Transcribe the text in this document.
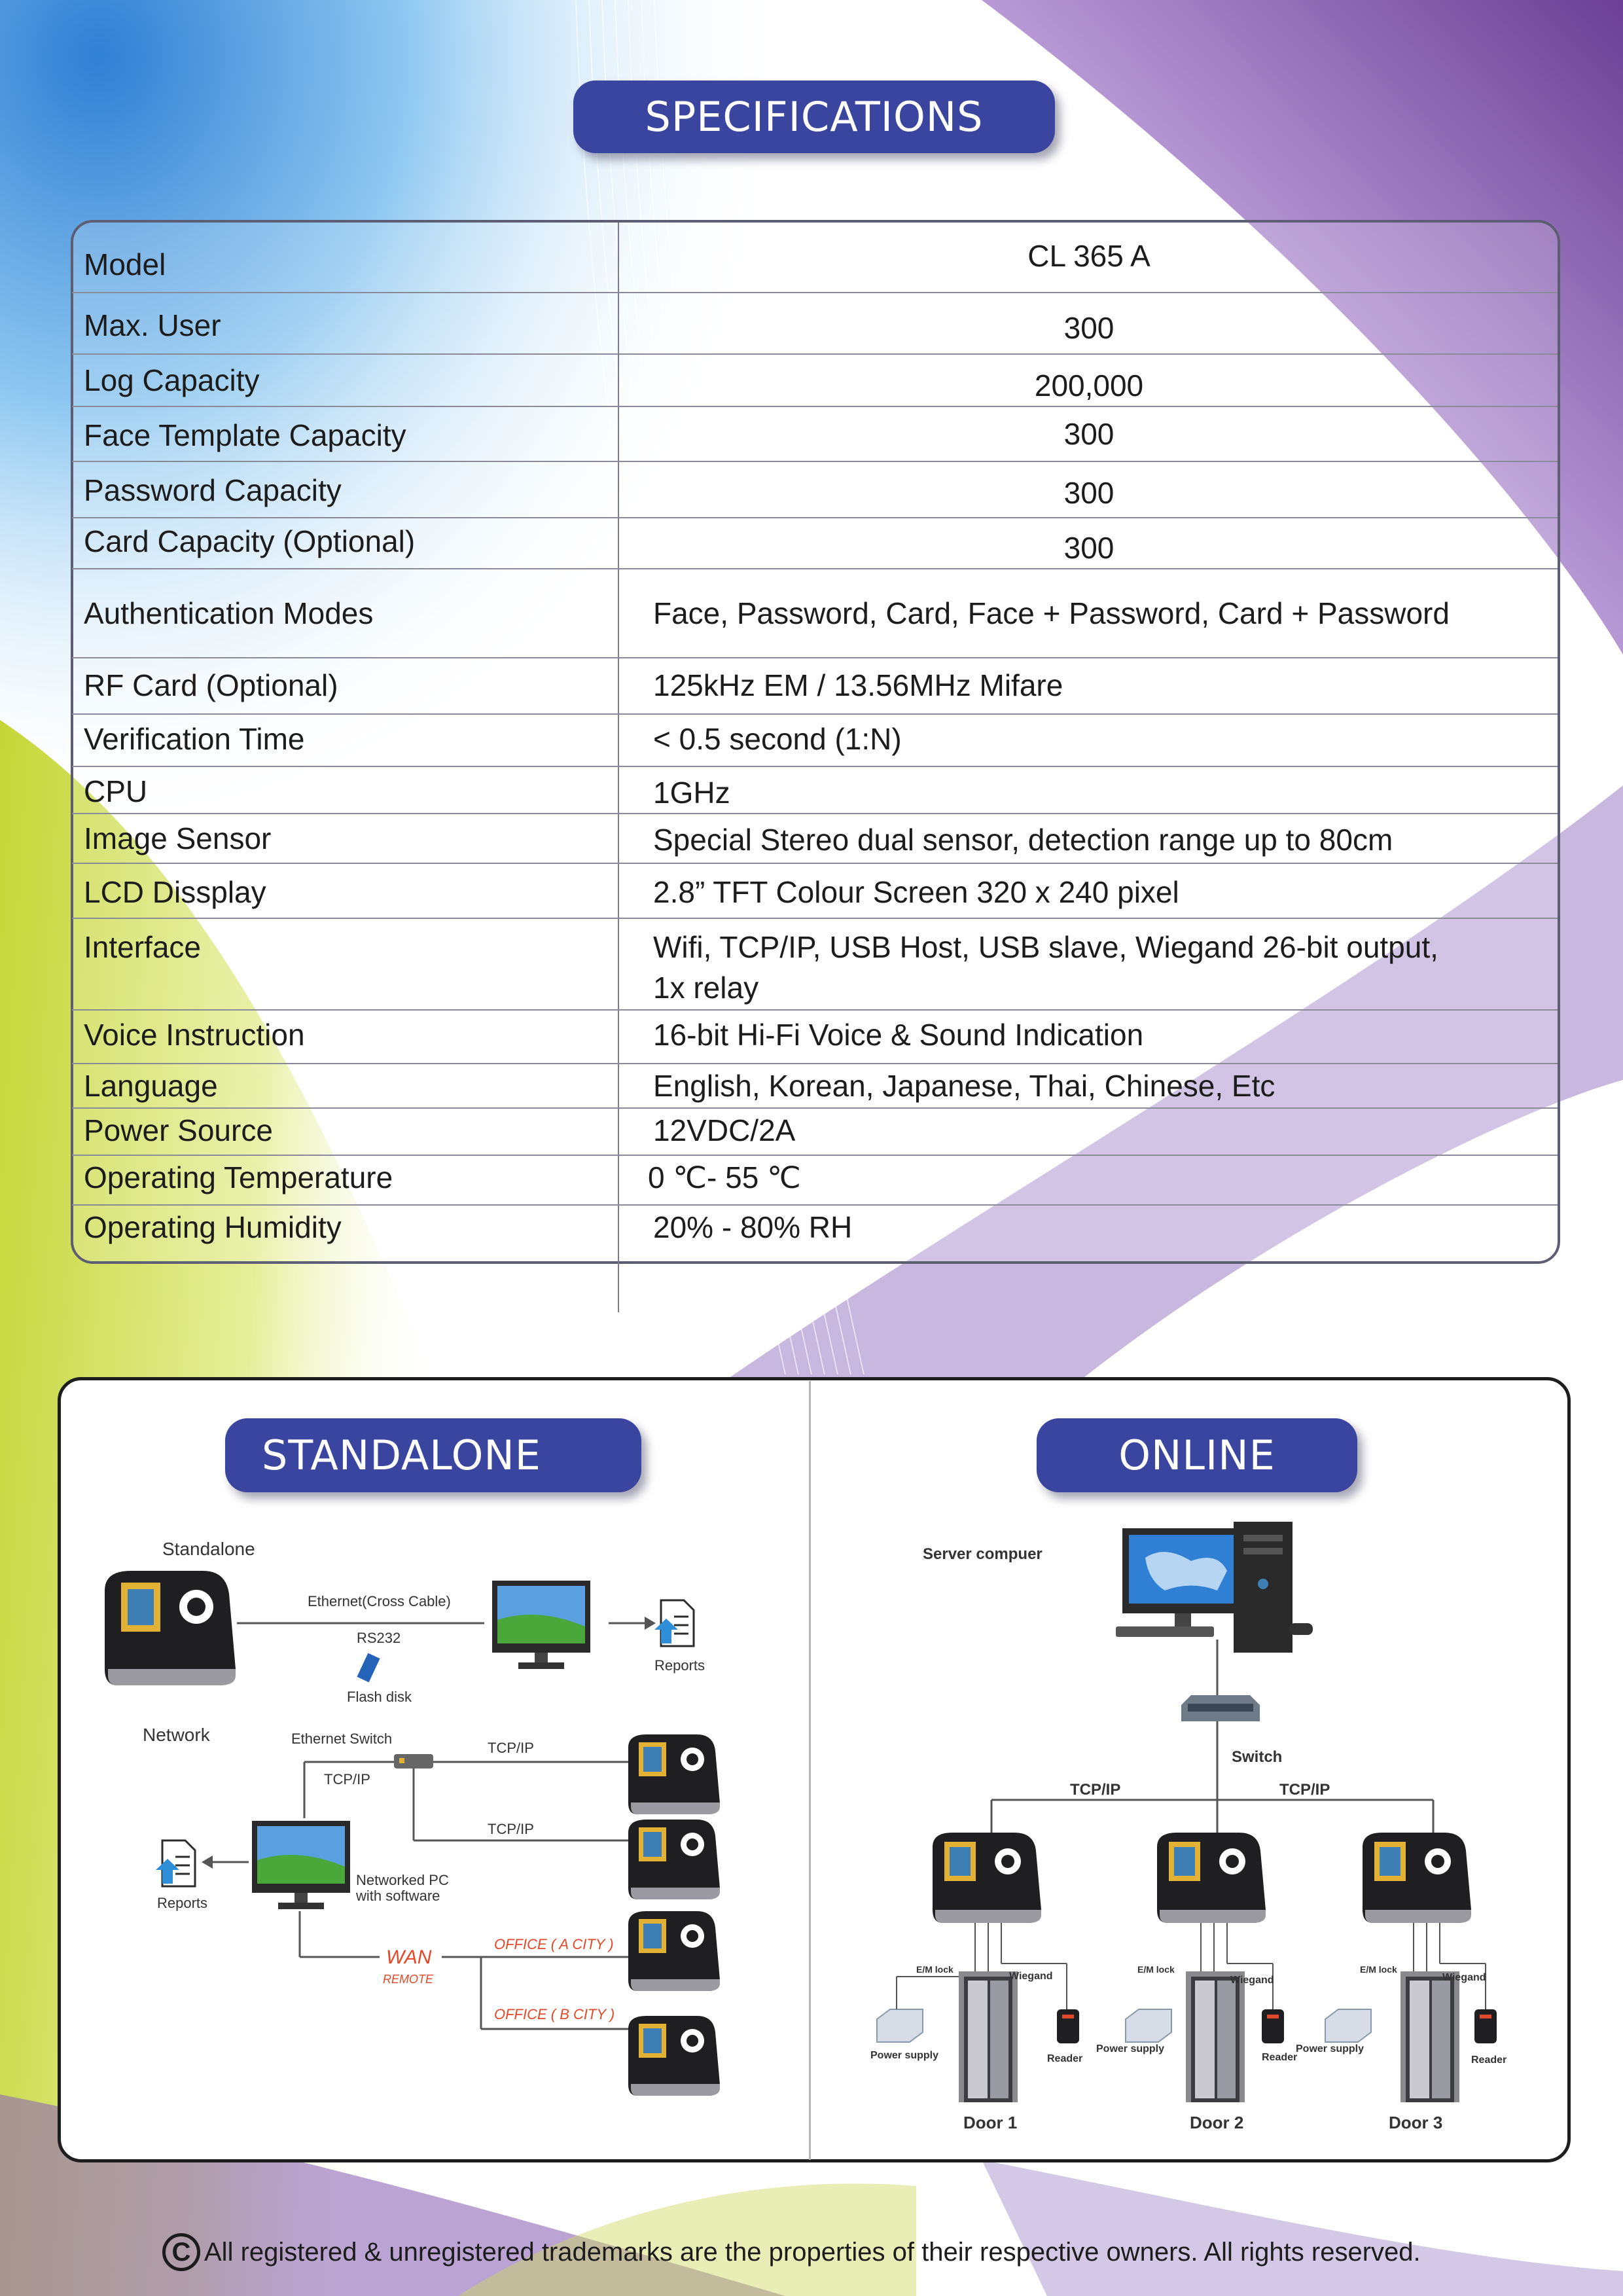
SPECIFICATIONS
Model	CL 365 A
Max. User	300
Log Capacity	200,000
Face Template Capacity	300
Password Capacity	300
Card Capacity (Optional)	300
Authentication Modes	Face, Password, Card, Face + Password, Card + Password
RF Card (Optional)	125kHz EM / 13.56MHz Mifare
Verification Time	< 0.5 second (1:N)
CPU	1GHz
Image Sensor	Special Stereo dual sensor, detection range up to 80cm
LCD Dissplay	2.8” TFT Colour Screen 320 x 240 pixel
Interface	Wifi, TCP/IP, USB Host, USB slave, Wiegand 26-bit output,
1x relay
Voice Instruction	16-bit Hi-Fi Voice & Sound Indication
Language	English, Korean, Japanese, Thai, Chinese, Etc
Power Source	12VDC/2A
Operating Temperature	0 ℃- 55 ℃
Operating Humidity	20% - 80% RH
STANDALONE	ONLINE
Standalone
Ethernet(Cross Cable)
RS232
Flash disk
Reports
Network	Ethernet Switch
TCP/IP
TCP/IP
TCP/IP
Networked PC
with software
Reports
WAN
REMOTE
OFFICE ( A CITY )
OFFICE ( B CITY )
Server compuer
Switch
TCP/IP	TCP/IP
E/M lock
Wiegand
Power supply	Reader
Door 1
E/M lock
Wiegand
Power supply
Reader
Door 2
E/M lock
Wiegand
Power supply
Reader
Door 3
C All registered & unregistered trademarks are the properties of their respective owners. All rights reserved.
